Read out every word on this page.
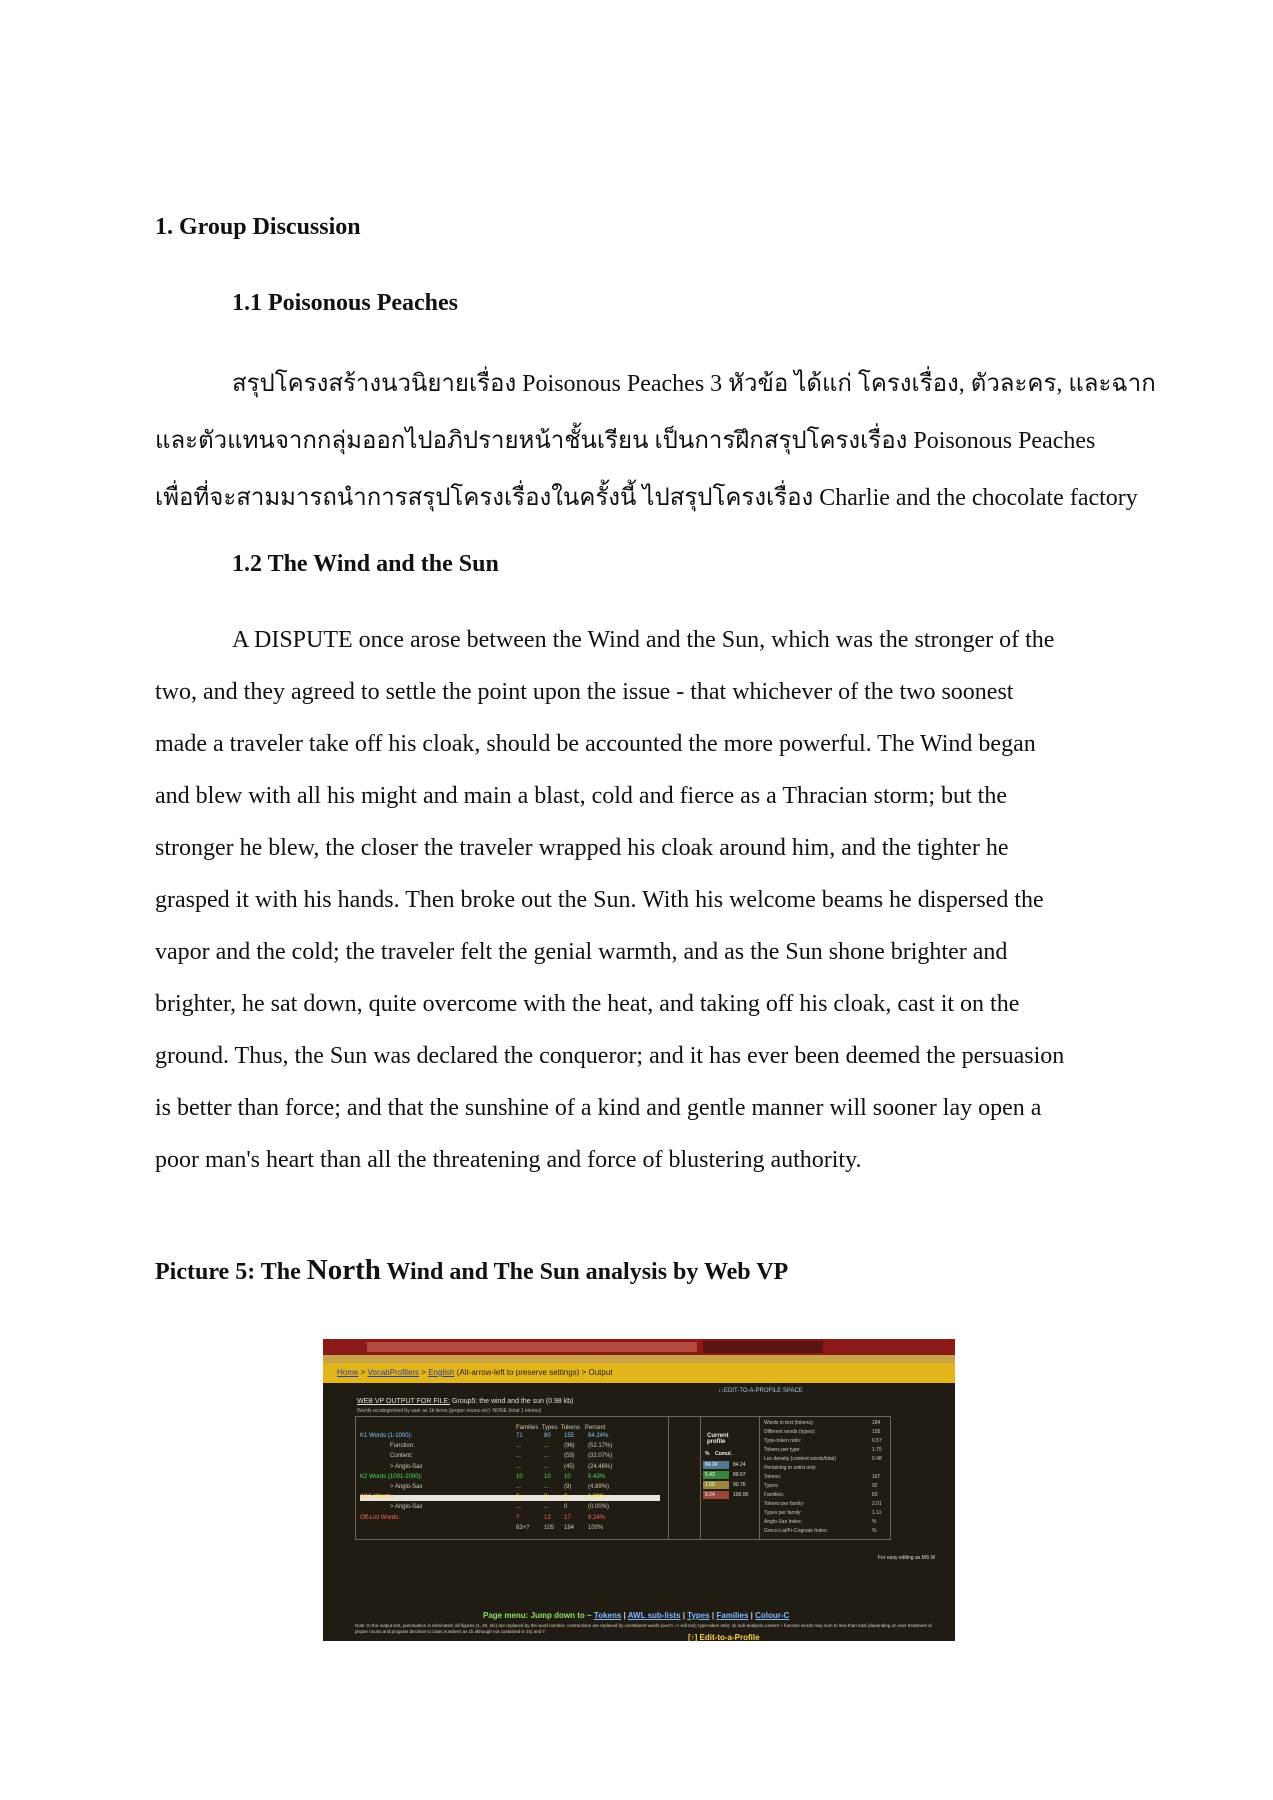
1. Group Discussion
1.1 Poisonous Peaches

สรุปโครงสร้างนวนิยายเรื่อง Poisonous Peaches 3 หัวข้อ ได้แก่ โครงเรื่อง, ตัวละคร, และฉาก
และตัวแทนจากกลุ่มออกไปอภิปรายหน้าชั้นเรียน เป็นการฝึกสรุปโครงเรื่อง Poisonous Peaches
เพื่อที่จะสามมารถนำการสรุปโครงเรื่องในครั้งนี้ ไปสรุปโครงเรื่อง Charlie and the chocolate factory

1.2 The Wind and the Sun

A DISPUTE once arose between the Wind and the Sun, which was the stronger of the
two, and they agreed to settle the point upon the issue - that whichever of the two soonest
made a traveler take off his cloak, should be accounted the more powerful. The Wind began
and blew with all his might and main a blast, cold and fierce as a Thracian storm; but the
stronger he blew, the closer the traveler wrapped his cloak around him, and the tighter he
grasped it with his hands. Then broke out the Sun. With his welcome beams he dispersed the
vapor and the cold; the traveler felt the genial warmth, and as the Sun shone brighter and
brighter, he sat down, quite overcome with the heat, and taking off his cloak, cast it on the
ground. Thus, the Sun was declared the conqueror; and it has ever been deemed the persuasion
is better than force; and that the sunshine of a kind and gentle manner will sooner lay open a
poor man's heart than all the threatening and force of blustering authority.

Picture 5: The North Wind and The Sun analysis by Web VP
Home > VocabProfilers > English (Alt-arrow-left to preserve settings) > Output
↓↓EDIT-TO-A-PROFILE SPACE
WEB VP OUTPUT FOR FILE: Group5: the wind and the sun (0.98 kb)
Words recategorized by user as 1k items (proper nouns etc): NONE (total 1 tokens)
Families Types Tokens Percent
K1 Words (1-1000):	71	80 155 84.24%
Function:	...	... (96) (52.17%)
Content:	...	... (59) (32.07%)
> Anglo-Sax	...	... (45) (24.46%)
K2 Words (1001-2000):	10	10 10	5.43%
> Anglo-Sax	...	... (9)	(4.89%)
AWL Words:	2	2	2	1.09%
> Anglo-Sax	...	... 0	(0.00%)
Off-List Words:	?	13 17	9.24%
83+? 105 184 100%
Current
profile
% Cumul.
84.24	84.24
5.43	89.67
1.09	90.76
9.24	100.00
Words in text (tokens):	184
Different words (types):	105
Type-token ratio:	0.57
Tokens per type:	1.75
Lex density (content words/total)	0.48
Pertaining to onlist only
Tokens:	167
Types:	92
Families:	83
Tokens per family:	2.01
Types per family:	1.11
Anglo-Sax Index:	%
Greco-Lat/Fr-Cognate Index:	%
For easy editing as MS W
Page menu: Jump down to ~ Tokens | AWL sub-lists | Types | Families | Colour-C
Note: In the output text, punctuation is eliminated; all figures (1, 20, etc) are replaced by the word number; contractions are replaced by constituent words (won't => will not); type-token ratio; 1k sub-analysis content + function words may sum to less than total (depending on user treatment of proper nouns and program decision to class numbers as 1k although not contained in 1k) and 'I'.
[↑] Edit-to-a-Profile
